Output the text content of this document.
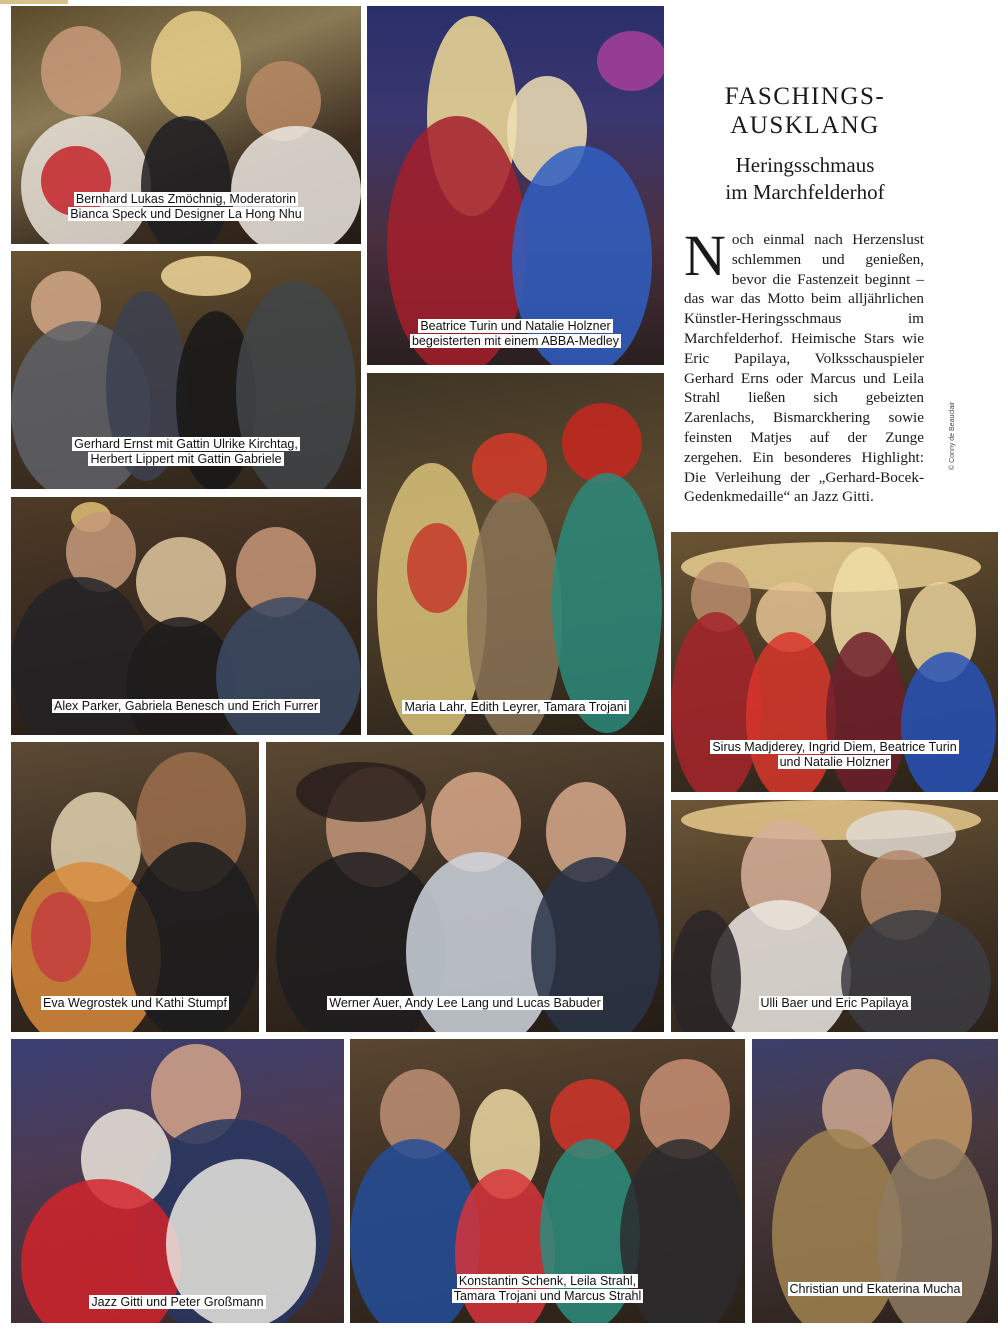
Bernhard Lukas Zmöchnig, Moderatorin
Bianca Speck und Designer La Hong Nhu
Beatrice Turin und Natalie Holzner
begeisterten mit einem ABBA-Medley
Gerhard Ernst mit Gattin Ulrike Kirchtag,
Herbert Lippert mit Gattin Gabriele
Maria Lahr, Edith Leyrer, Tamara Trojani
Alex Parker, Gabriela Benesch und Erich Furrer
Sirus Madjderey, Ingrid Diem, Beatrice Turin
und Natalie Holzner
Eva Wegrostek und Kathi Stumpf	Werner Auer, Andy Lee Lang und Lucas Babuder	Ulli Baer und Eric Papilaya
Jazz Gitti und Peter Großmann
Konstantin Schenk, Leila Strahl,
Tamara Trojani und Marcus Strahl	Christian und Ekaterina Mucha
FASCHINGS-
AUSKLANG
Heringsschmaus
im Marchfelderhof
Noch einmal nach Herzenslust schlemmen und genießen, bevor die Fastenzeit beginnt – das war das Motto beim alljährlichen Künstler-Heringsschmaus im Marchfelderhof. Heimische Stars wie Eric Papilaya, Volksschauspieler Gerhard Erns oder Marcus und Leila Strahl ließen sich gebeizten Zarenlachs, Bismarckhering sowie feinsten Matjes auf der Zunge zergehen. Ein besonderes Highlight: Die Verleihung der „Gerhard-Bocek-Gedenkmedaille“ an Jazz Gitti.
© Conny de Beauclair
